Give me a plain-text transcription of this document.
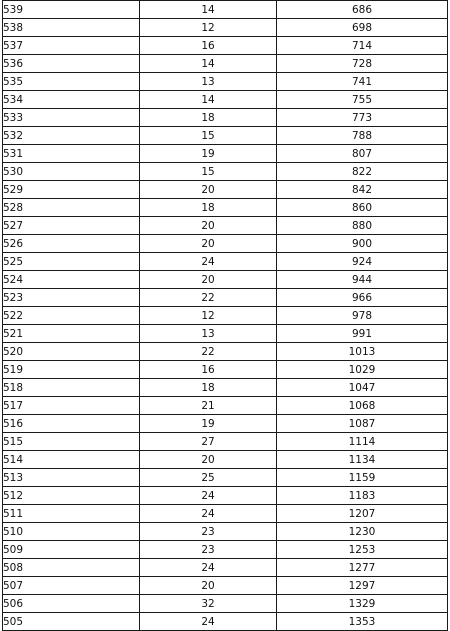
539	14	686
538	12	698
537	16	714
536	14	728
535	13	741
534	14	755
533	18	773
532	15	788
531	19	807
530	15	822
529	20	842
528	18	860
527	20	880
526	20	900
525	24	924
524	20	944
523	22	966
522	12	978
521	13	991
520	22	1013
519	16	1029
518	18	1047
517	21	1068
516	19	1087
515	27	1114
514	20	1134
513	25	1159
512	24	1183
511	24	1207
510	23	1230
509	23	1253
508	24	1277
507	20	1297
506	32	1329
505	24	1353
